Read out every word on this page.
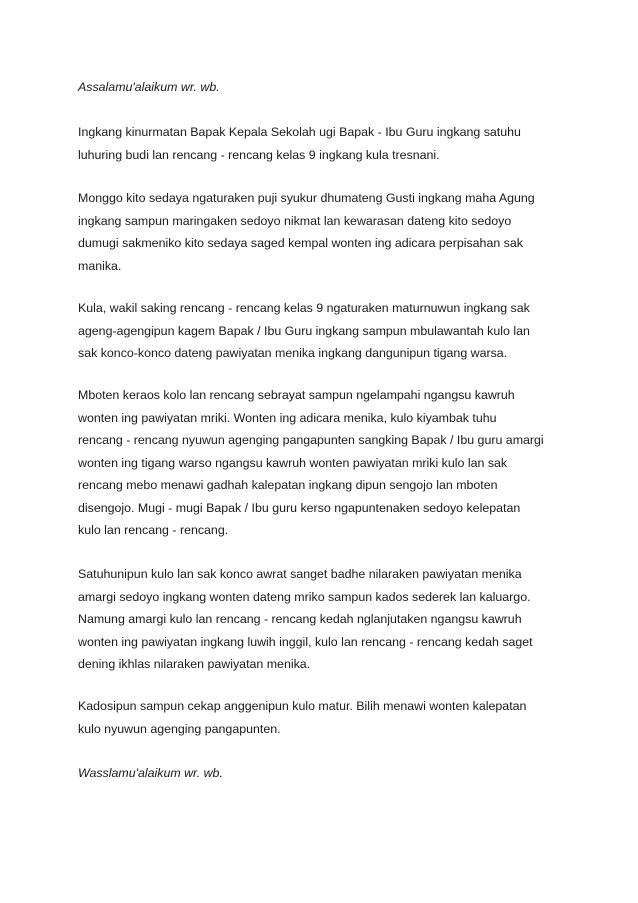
Assalamu'alaikum wr. wb.
Ingkang kinurmatan Bapak Kepala Sekolah ugi Bapak - Ibu Guru ingkang satuhu
luhuring budi lan rencang - rencang kelas 9 ingkang kula tresnani.
Monggo kito sedaya ngaturaken puji syukur dhumateng Gusti ingkang maha Agung
ingkang sampun maringaken sedoyo nikmat lan kewarasan dateng kito sedoyo
dumugi sakmeniko kito sedaya saged kempal wonten ing adicara perpisahan sak
manika.
Kula, wakil saking rencang - rencang kelas 9 ngaturaken maturnuwun ingkang sak
ageng-agengipun kagem Bapak / Ibu Guru ingkang sampun mbulawantah kulo lan
sak konco-konco dateng pawiyatan menika ingkang dangunipun tigang warsa.
Mboten keraos kolo lan rencang sebrayat sampun ngelampahi ngangsu kawruh
wonten ing pawiyatan mriki. Wonten ing adicara menika, kulo kiyambak tuhu
rencang - rencang nyuwun agenging pangapunten sangking Bapak / Ibu guru amargi
wonten ing tigang warso ngangsu kawruh wonten pawiyatan mriki kulo lan sak
rencang mebo menawi gadhah kalepatan ingkang dipun sengojo lan mboten
disengojo. Mugi - mugi Bapak / Ibu guru kerso ngapuntenaken sedoyo kelepatan
kulo lan rencang - rencang.
Satuhunipun kulo lan sak konco awrat sanget badhe nilaraken pawiyatan menika
amargi sedoyo ingkang wonten dateng mriko sampun kados sederek lan kaluargo.
Namung amargi kulo lan rencang - rencang kedah nglanjutaken ngangsu kawruh
wonten ing pawiyatan ingkang luwih inggil, kulo lan rencang - rencang kedah saget
dening ikhlas nilaraken pawiyatan menika.
Kadosipun sampun cekap anggenipun kulo matur. Bilih menawi wonten kalepatan
kulo nyuwun agenging pangapunten.
Wasslamu'alaikum wr. wb.
